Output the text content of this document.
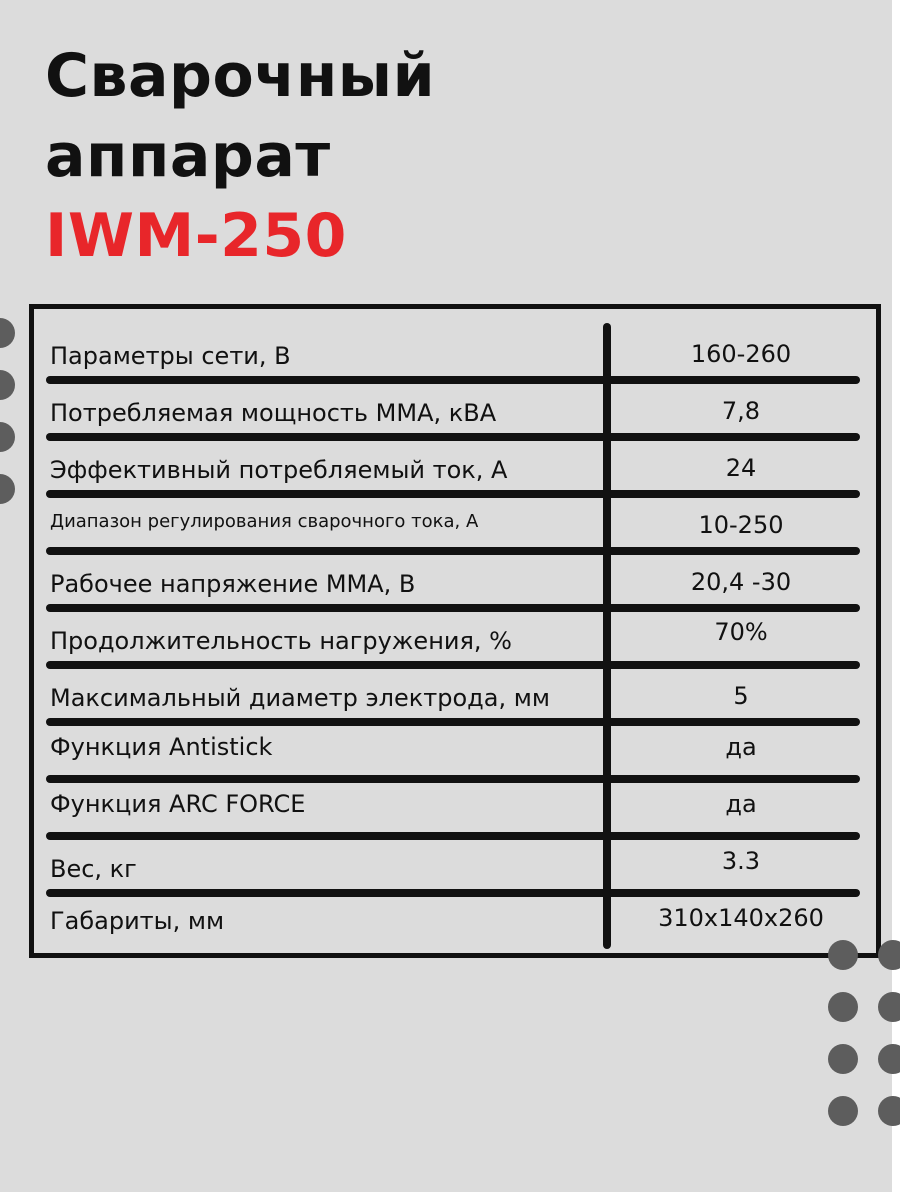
Сварочный
аппарат
IWM-250
Параметры сети, В	160-260
Потребляемая мощность ММА, кВА	7,8
Эффективный потребляемый ток, А	24
Диапазон регулирования сварочного тока, А	10-250
Рабочее напряжение ММА, В	20,4 -30
Продолжительность нагружения, %	70%
Максимальный диаметр электрода, мм	5
Функция Antistick	да
Функция ARC FORCE	да
Вес, кг	3.3
Габариты, мм	310x140x260
